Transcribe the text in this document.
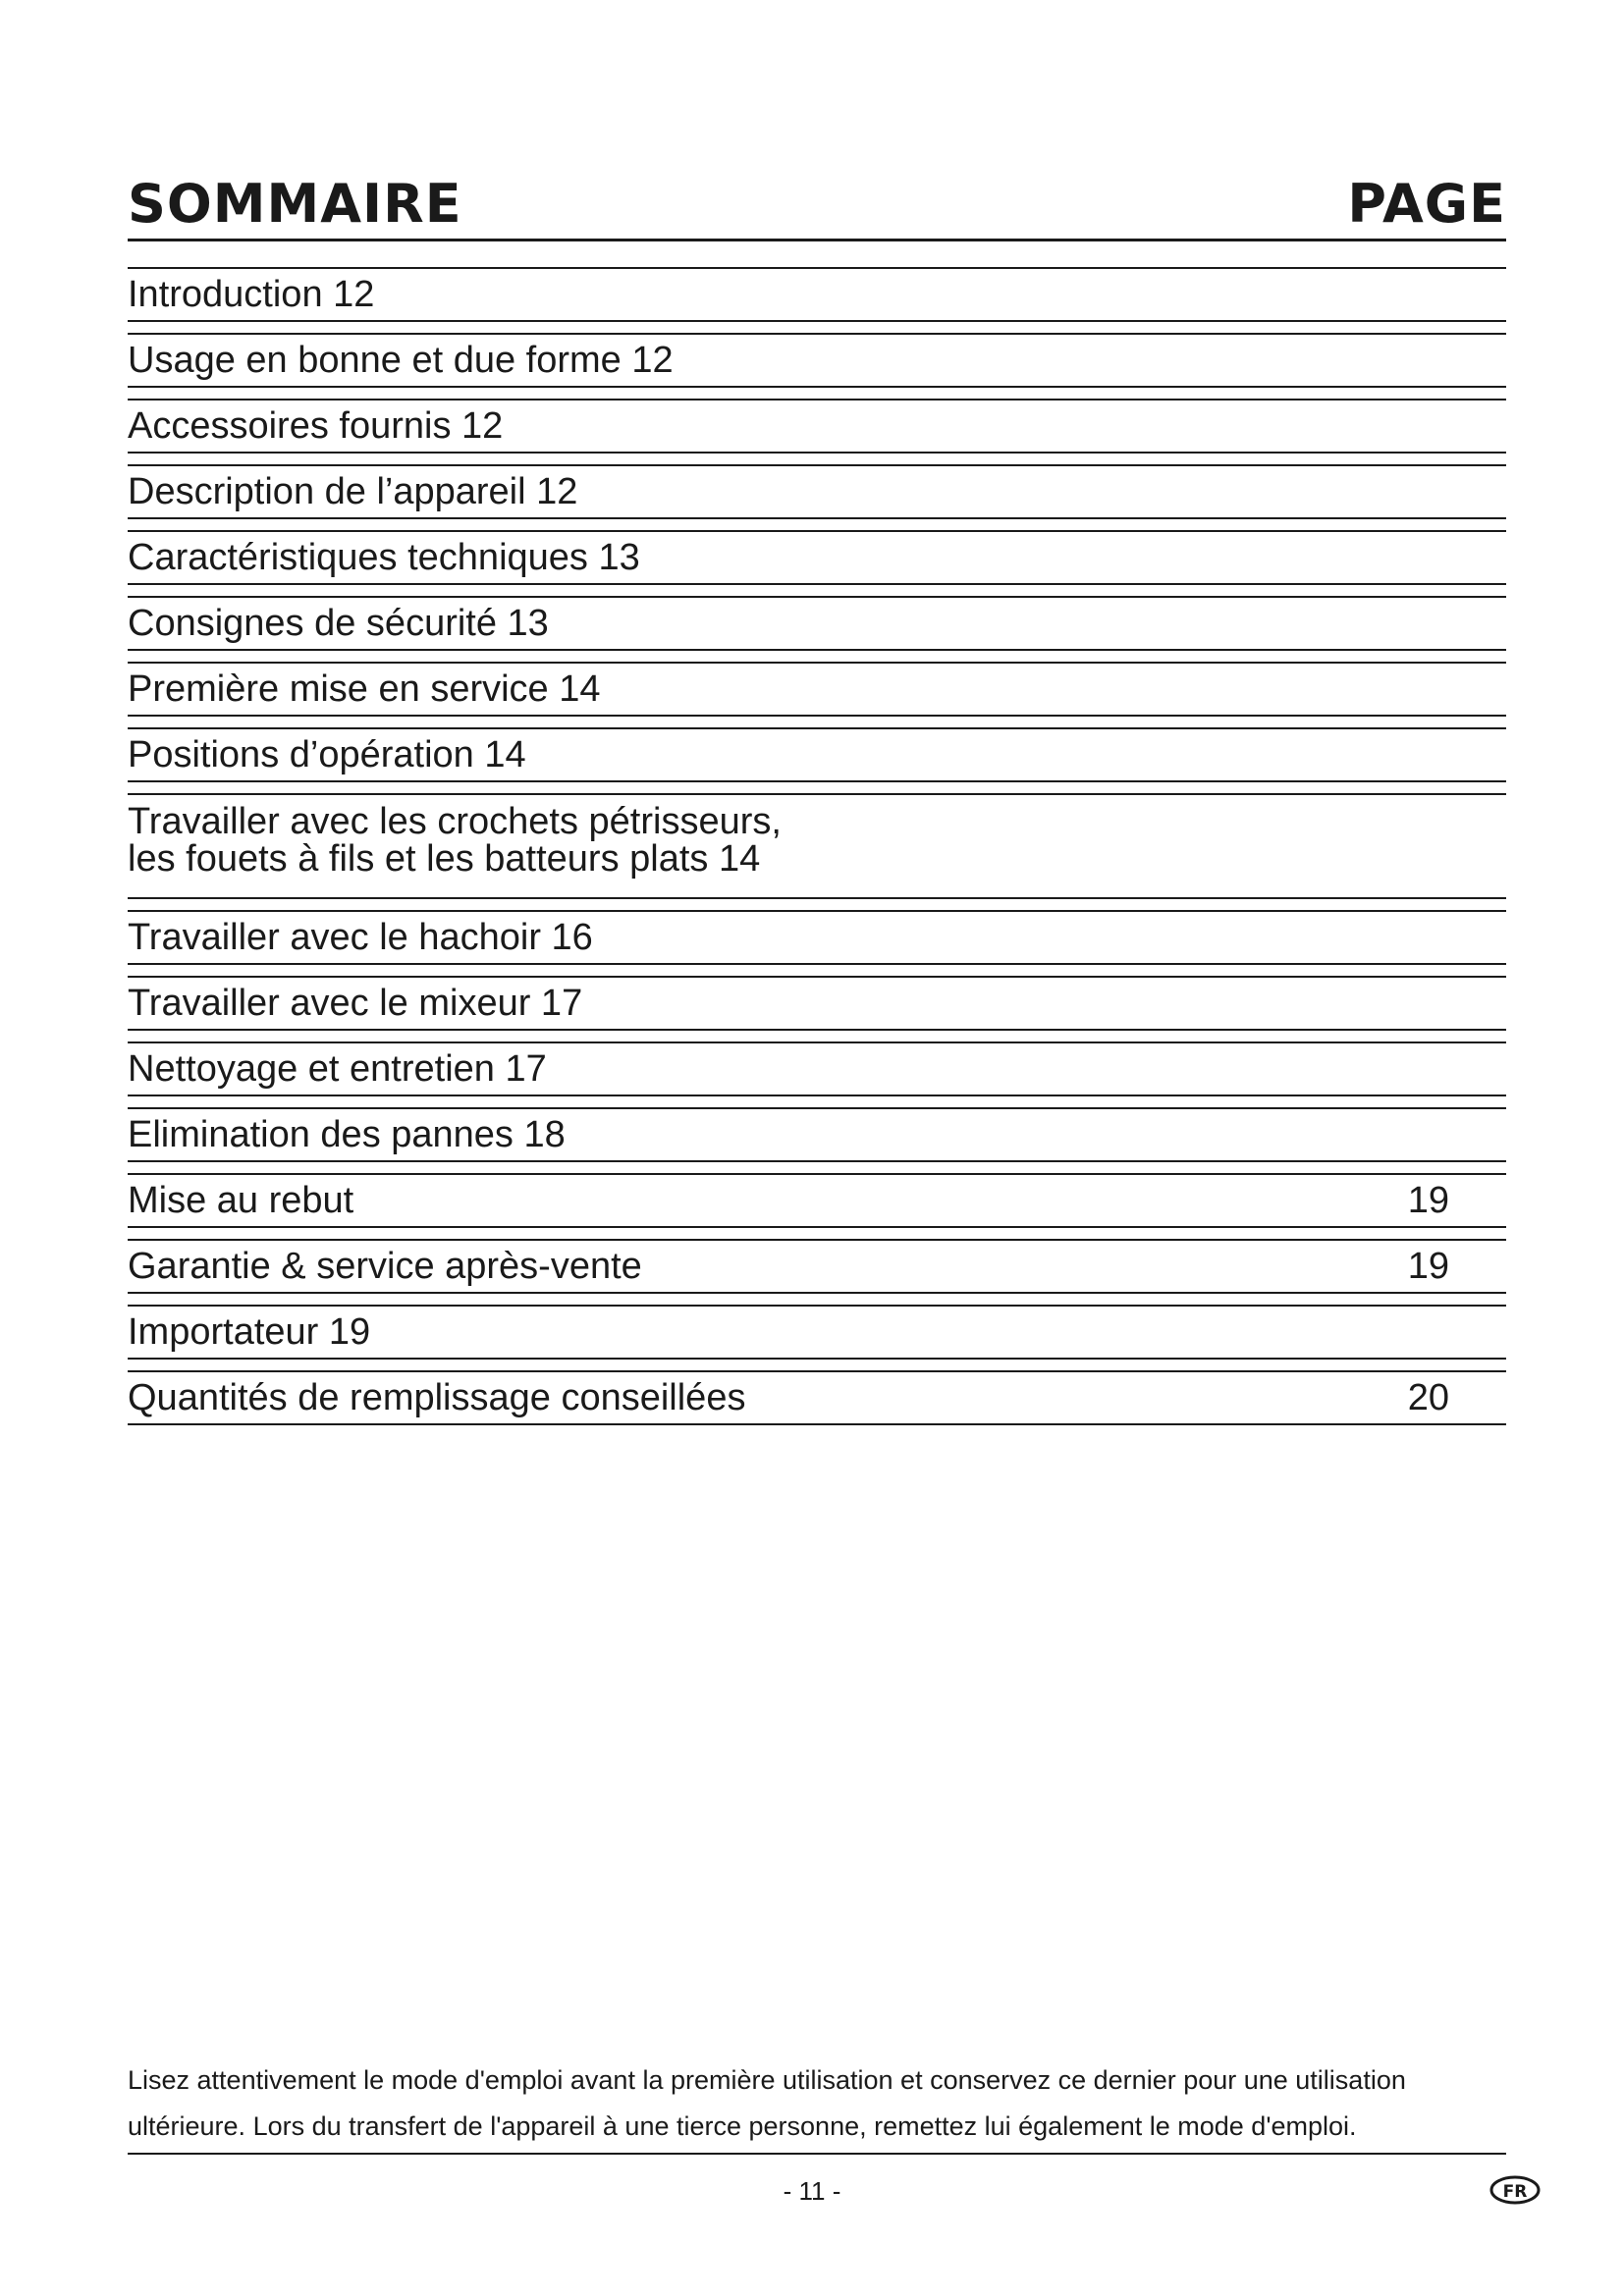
SOMMAIRE	PAGE
Introduction 12
Usage en bonne et due forme 12
Accessoires fournis 12
Description de l’appareil 12
Caractéristiques techniques 13
Consignes de sécurité 13
Première mise en service 14
Positions d’opération 14
Travailler avec les crochets pétrisseurs,
les fouets à fils et les batteurs plats 14
Travailler avec le hachoir 16
Travailler avec le mixeur 17
Nettoyage et entretien 17
Elimination des pannes 18
Mise au rebut	19
Garantie & service après-vente	19
Importateur 19
Quantités de remplissage conseillées	20
Lisez attentivement le mode d'emploi avant la première utilisation et conservez ce dernier pour une utilisation ultérieure. Lors du transfert de l'appareil à une tierce personne, remettez lui également le mode d'emploi.
- 11 -	FR
